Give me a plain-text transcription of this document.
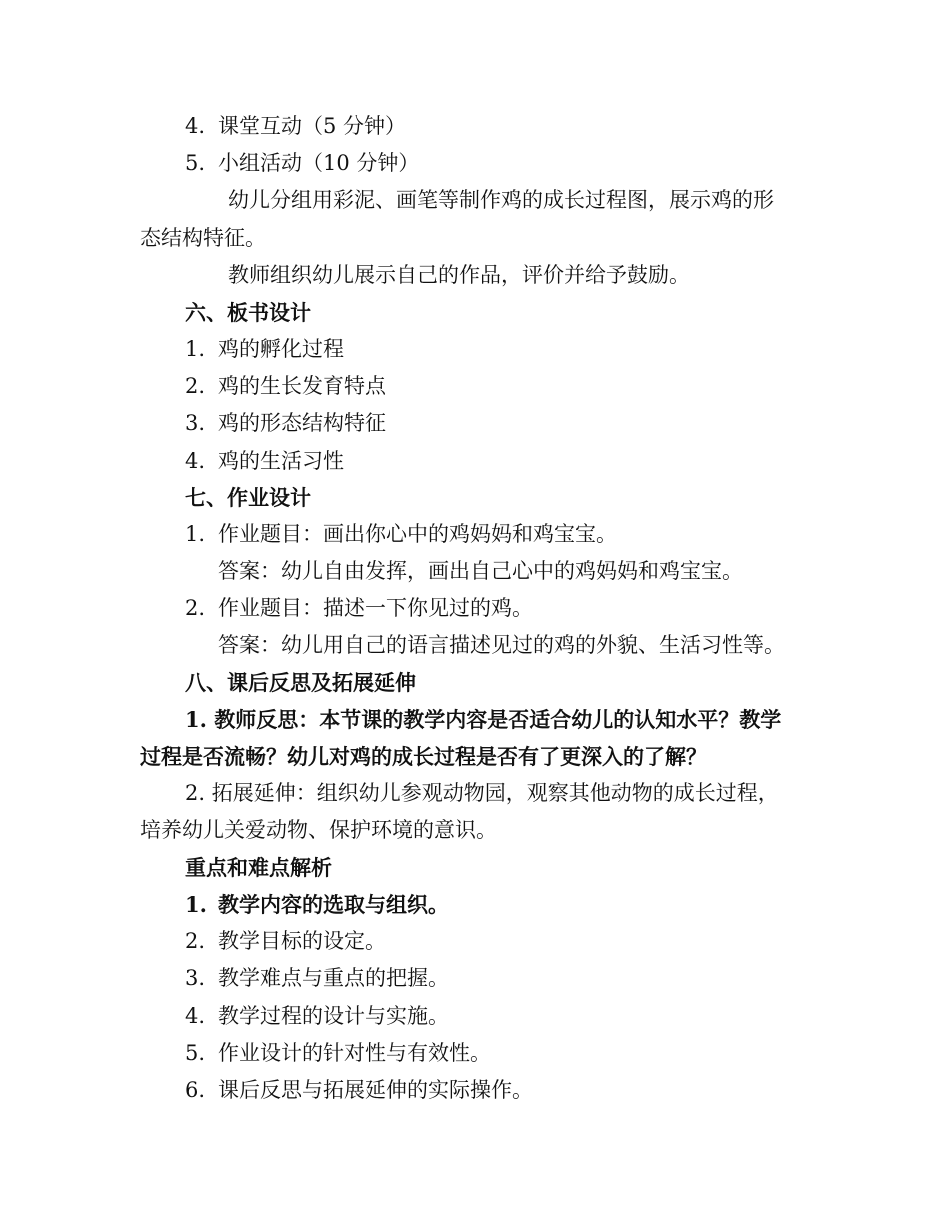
4. 课堂互动（5 分钟）
5. 小组活动（10 分钟）
幼儿分组用彩泥、画笔等制作鸡的成长过程图，展示鸡的形
态结构特征。
教师组织幼儿展示自己的作品，评价并给予鼓励。
六、板书设计
1. 鸡的孵化过程
2. 鸡的生长发育特点
3. 鸡的形态结构特征
4. 鸡的生活习性
七、作业设计
1. 作业题目：画出你心中的鸡妈妈和鸡宝宝。
答案：幼儿自由发挥，画出自己心中的鸡妈妈和鸡宝宝。
2. 作业题目：描述一下你见过的鸡。
答案：幼儿用自己的语言描述见过的鸡的外貌、生活习性等。
八、课后反思及拓展延伸
1. 教师反思：本节课的教学内容是否适合幼儿的认知水平？教学
过程是否流畅？幼儿对鸡的成长过程是否有了更深入的了解？
2. 拓展延伸：组织幼儿参观动物园，观察其他动物的成长过程，
培养幼儿关爱动物、保护环境的意识。
重点和难点解析
1. 教学内容的选取与组织。
2. 教学目标的设定。
3. 教学难点与重点的把握。
4. 教学过程的设计与实施。
5. 作业设计的针对性与有效性。
6. 课后反思与拓展延伸的实际操作。
